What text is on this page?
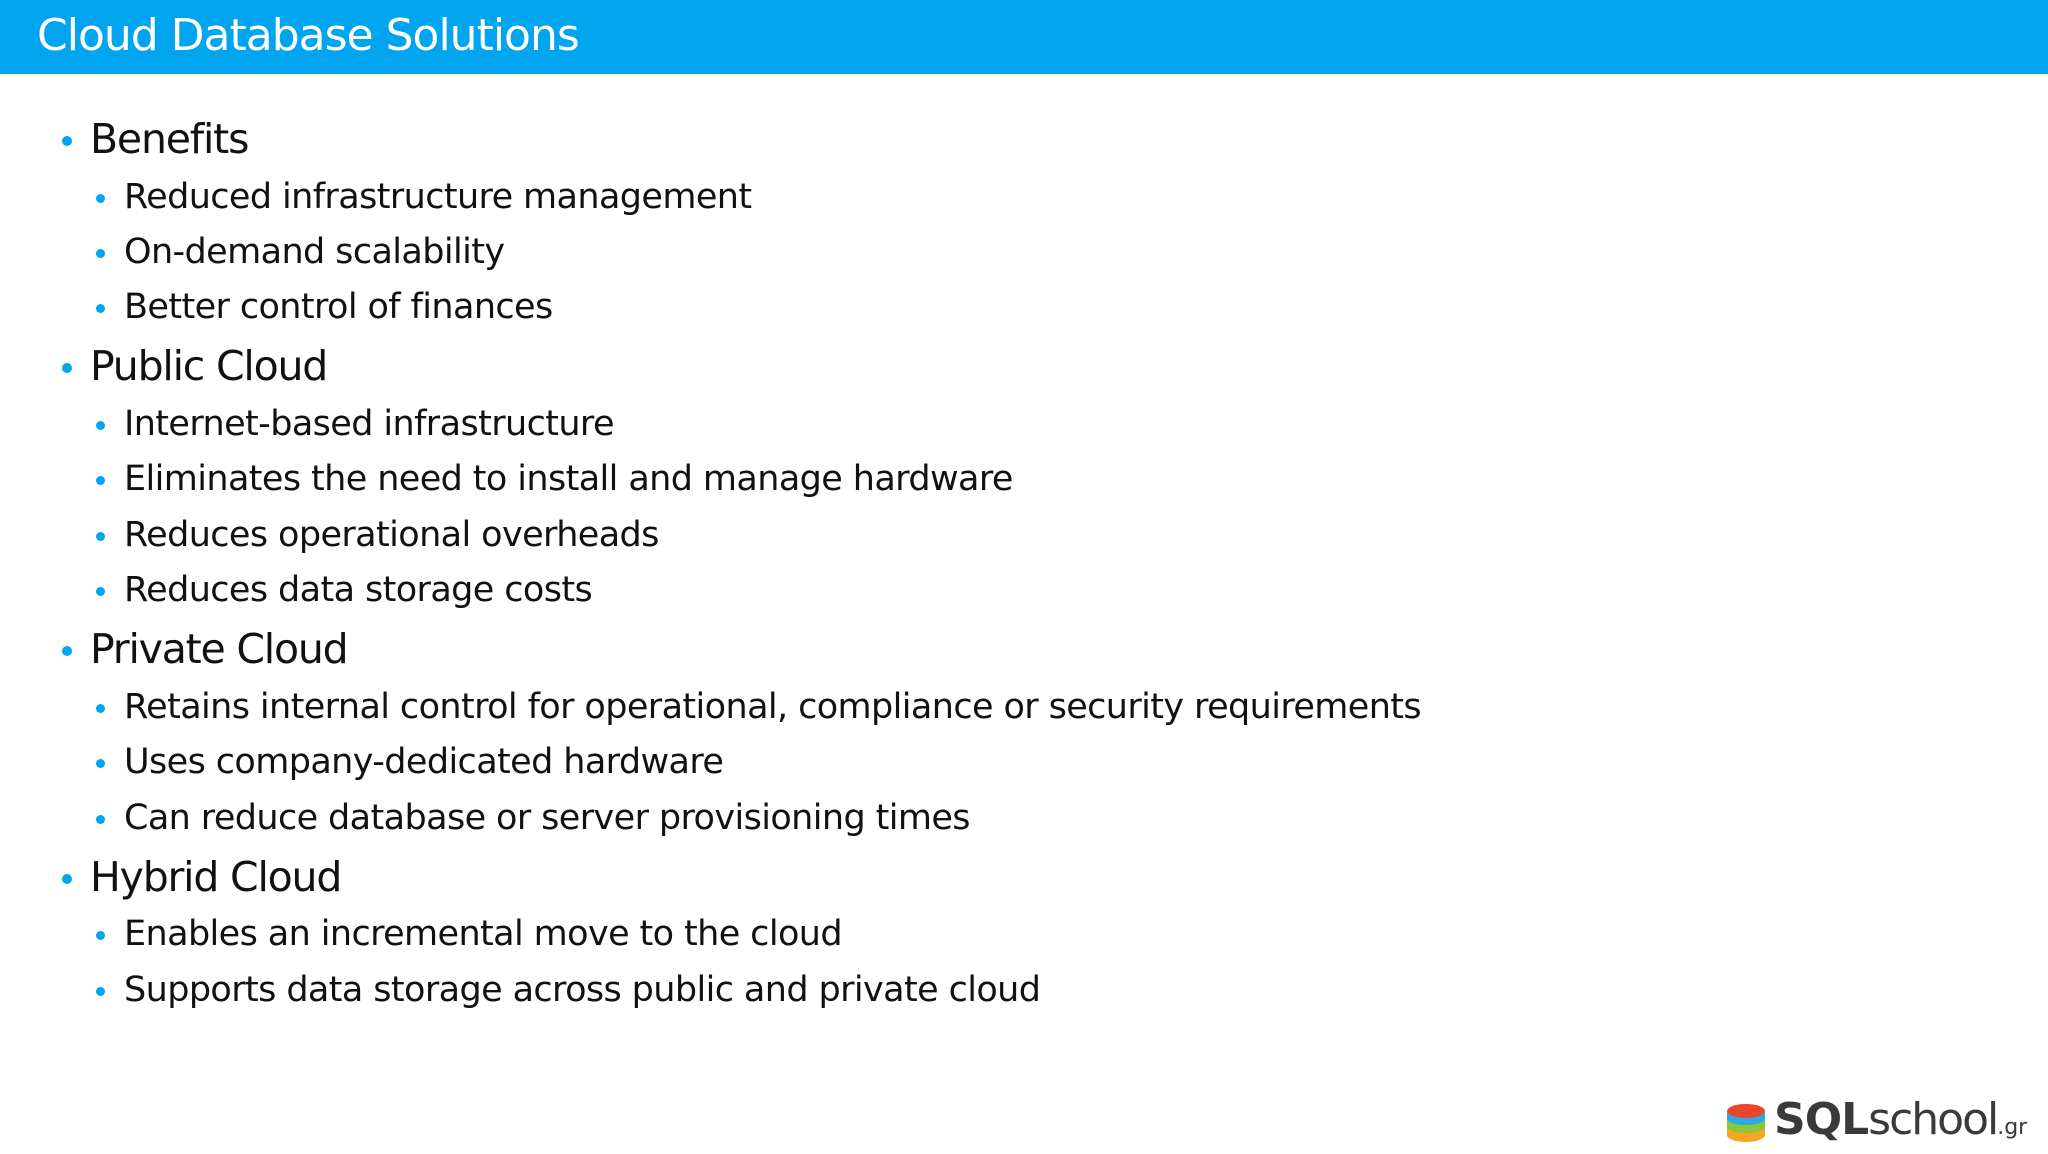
Cloud Database Solutions
Benefits
Reduced infrastructure management
On-demand scalability
Better control of finances
Public Cloud
Internet-based infrastructure
Eliminates the need to install and manage hardware
Reduces operational overheads
Reduces data storage costs
Private Cloud
Retains internal control for operational, compliance or security requirements
Uses company-dedicated hardware
Can reduce database or server provisioning times
Hybrid Cloud
Enables an incremental move to the cloud
Supports data storage across public and private cloud
SQLschool.gr
